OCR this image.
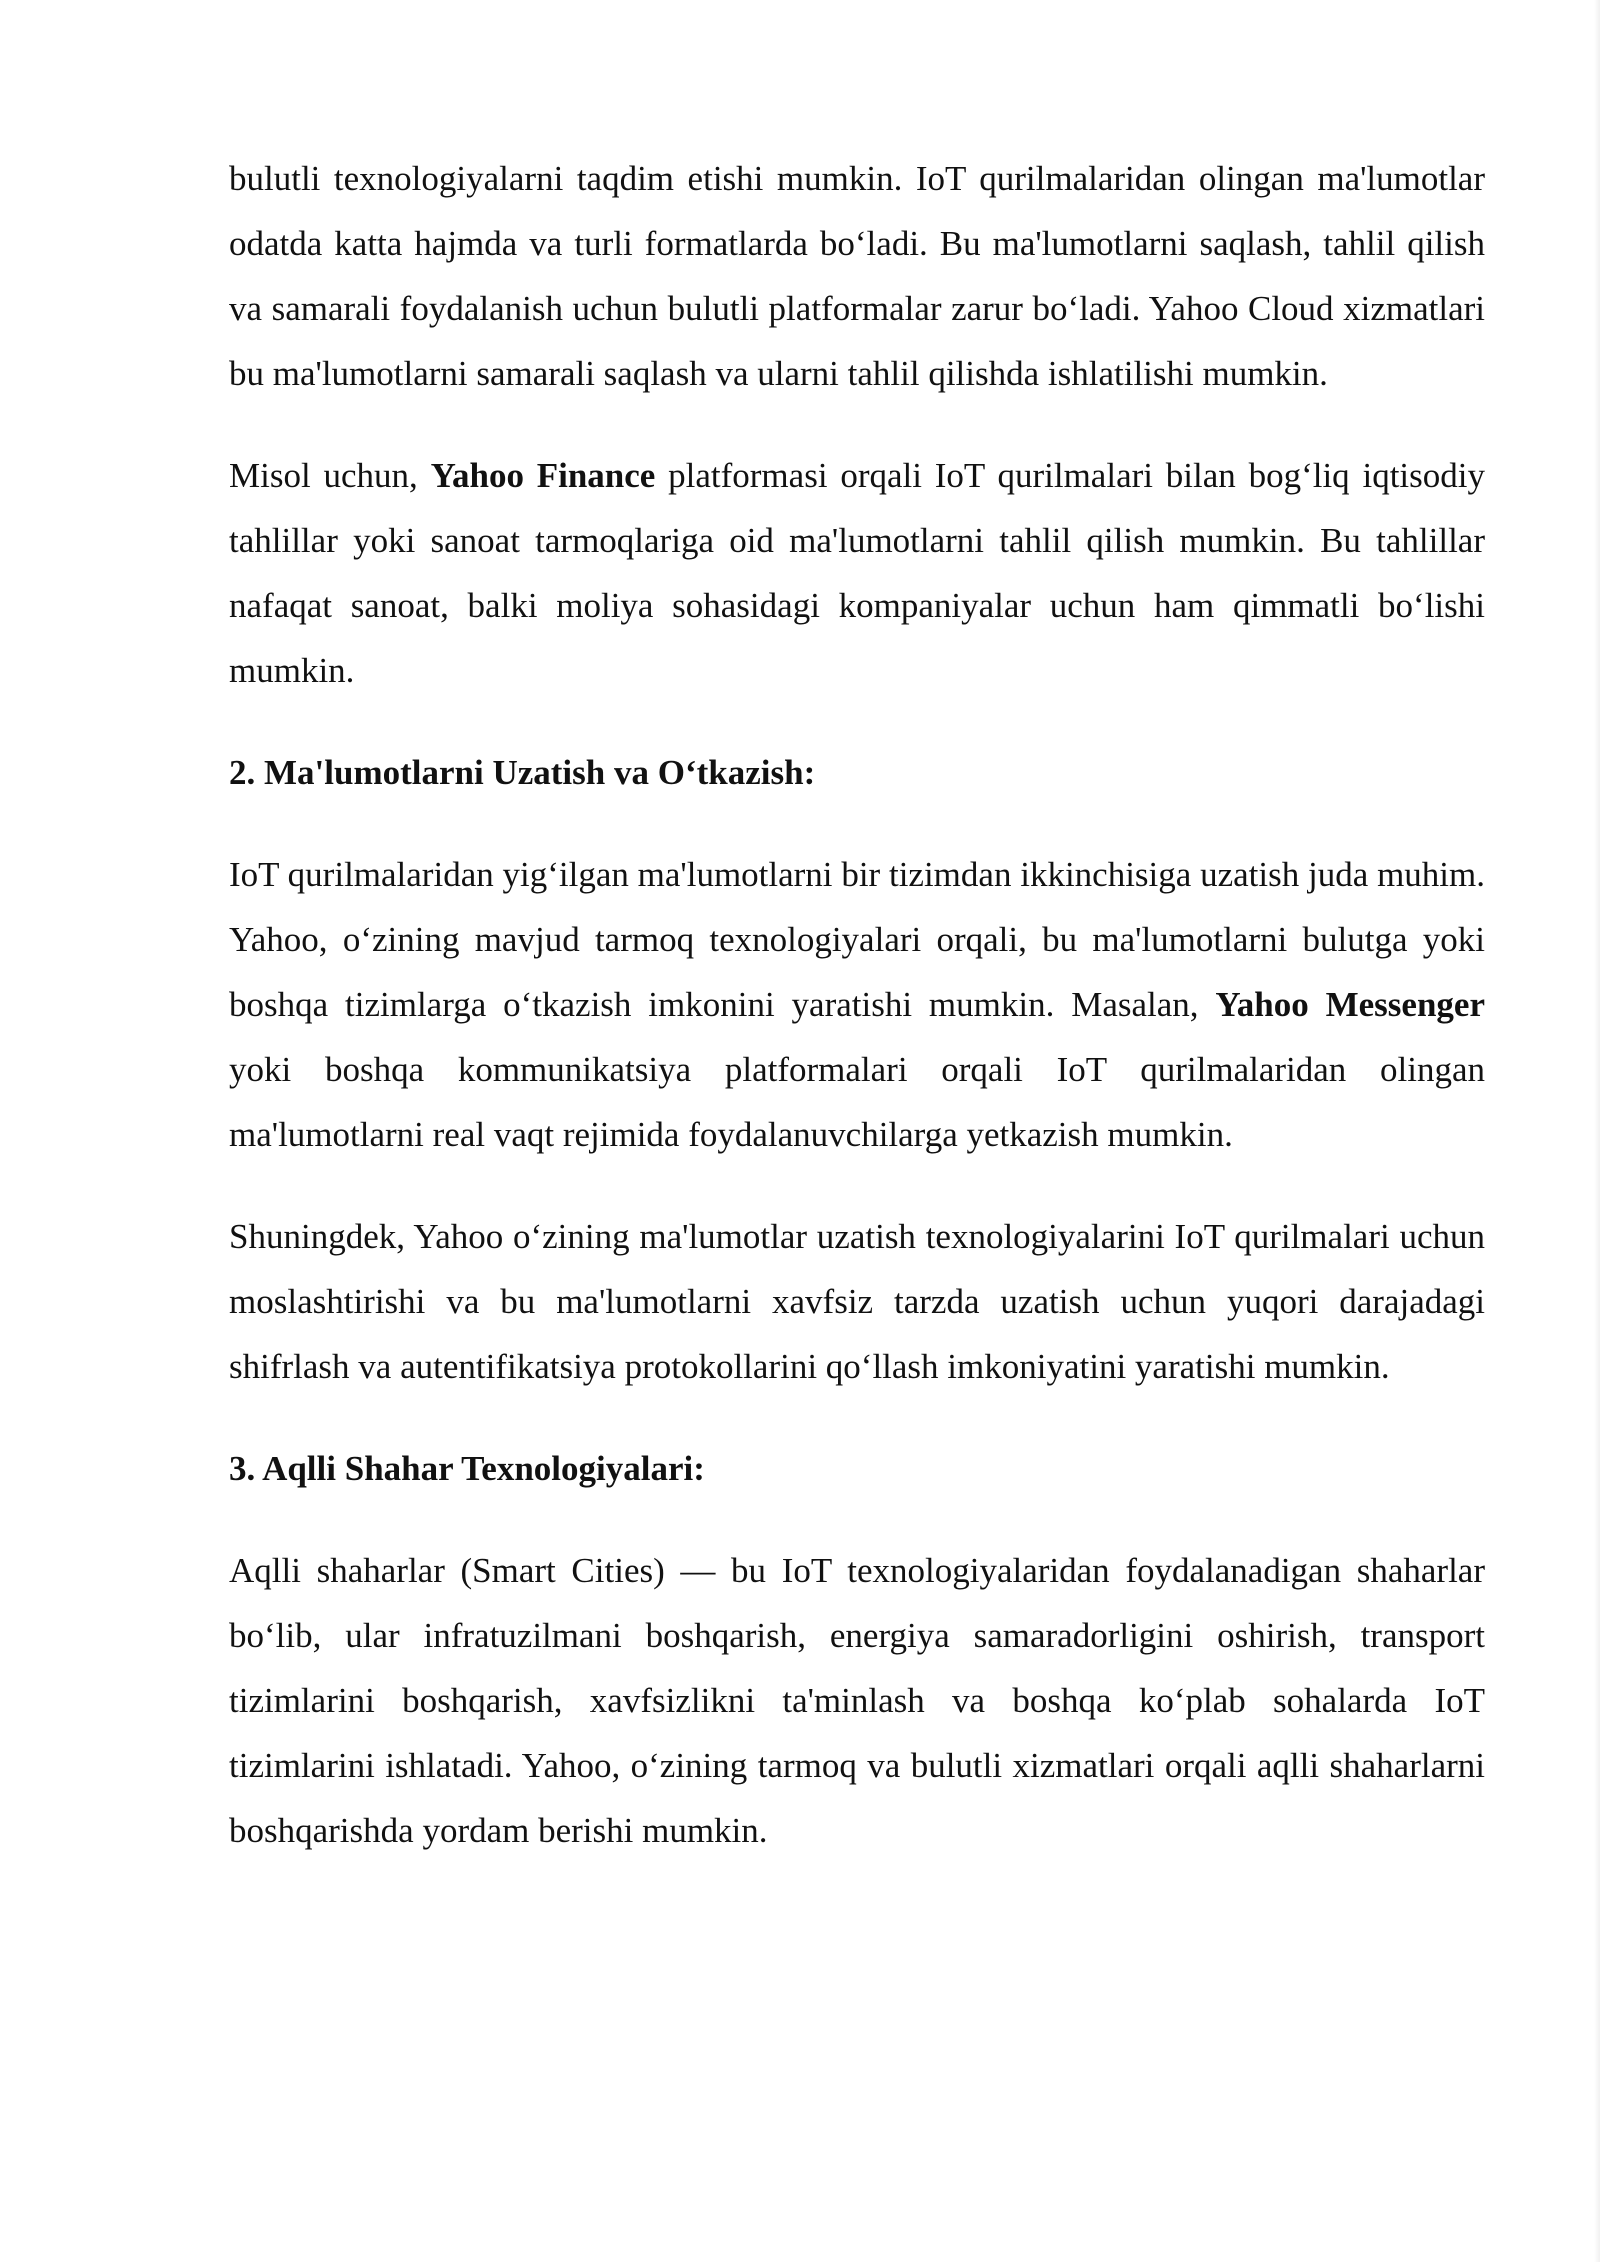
bulutli texnologiyalarni taqdim etishi mumkin. IoT qurilmalaridan olingan ma'lumotlar odatda katta hajmda va turli formatlarda bo‘ladi. Bu ma'lumotlarni saqlash, tahlil qilish va samarali foydalanish uchun bulutli platformalar zarur bo‘ladi. Yahoo Cloud xizmatlari bu ma'lumotlarni samarali saqlash va ularni tahlil qilishda ishlatilishi mumkin.

Misol uchun, Yahoo Finance platformasi orqali IoT qurilmalari bilan bog‘liq iqtisodiy tahlillar yoki sanoat tarmoqlariga oid ma'lumotlarni tahlil qilish mumkin. Bu tahlillar nafaqat sanoat, balki moliya sohasidagi kompaniyalar uchun ham qimmatli bo‘lishi mumkin.

2. Ma'lumotlarni Uzatish va O‘tkazish:

IoT qurilmalaridan yig‘ilgan ma'lumotlarni bir tizimdan ikkinchisiga uzatish juda muhim. Yahoo, o‘zining mavjud tarmoq texnologiyalari orqali, bu ma'lumotlarni bulutga yoki boshqa tizimlarga o‘tkazish imkonini yaratishi mumkin. Masalan, Yahoo Messenger yoki boshqa kommunikatsiya platformalari orqali IoT qurilmalaridan olingan ma'lumotlarni real vaqt rejimida foydalanuvchilarga yetkazish mumkin.

Shuningdek, Yahoo o‘zining ma'lumotlar uzatish texnologiyalarini IoT qurilmalari uchun moslashtirishi va bu ma'lumotlarni xavfsiz tarzda uzatish uchun yuqori darajadagi shifrlash va autentifikatsiya protokollarini qo‘llash imkoniyatini yaratishi mumkin.

3. Aqlli Shahar Texnologiyalari:

Aqlli shaharlar (Smart Cities) — bu IoT texnologiyalaridan foydalanadigan shaharlar bo‘lib, ular infratuzilmani boshqarish, energiya samaradorligini oshirish, transport tizimlarini boshqarish, xavfsizlikni ta'minlash va boshqa ko‘plab sohalarda IoT tizimlarini ishlatadi. Yahoo, o‘zining tarmoq va bulutli xizmatlari orqali aqlli shaharlarni boshqarishda yordam berishi mumkin.
